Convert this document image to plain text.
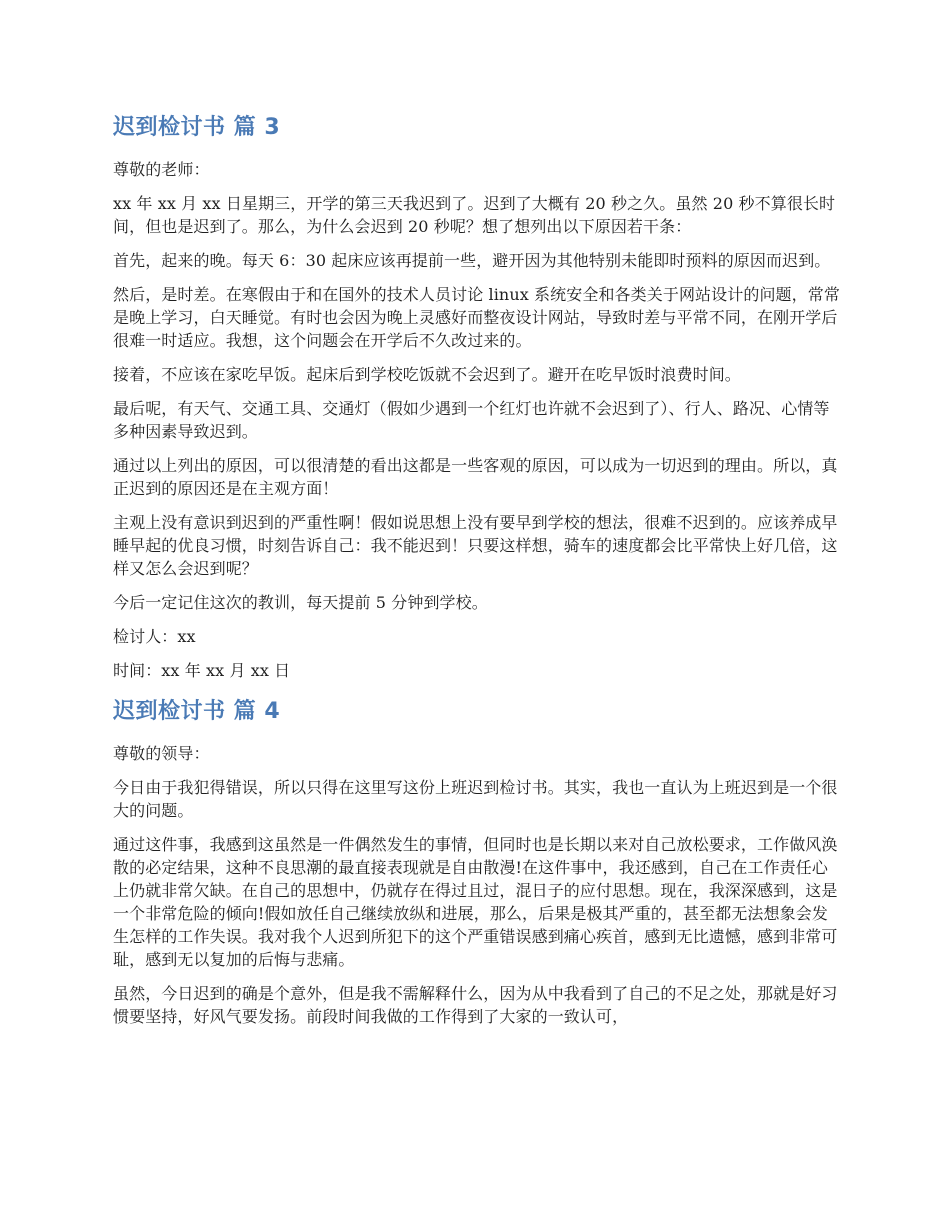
迟到检讨书 篇 3

尊敬的老师：

xx 年 xx 月 xx 日星期三，开学的第三天我迟到了。迟到了大概有 20 秒之久。虽然 20 秒不算很长时间，但也是迟到了。那么，为什么会迟到 20 秒呢？想了想列出以下原因若干条：

首先，起来的晚。每天 6：30 起床应该再提前一些，避开因为其他特别未能即时预料的原因而迟到。

然后，是时差。在寒假由于和在国外的技术人员讨论 linux 系统安全和各类关于网站设计的问题，常常是晚上学习，白天睡觉。有时也会因为晚上灵感好而整夜设计网站，导致时差与平常不同，在刚开学后很难一时适应。我想，这个问题会在开学后不久改过来的。

接着，不应该在家吃早饭。起床后到学校吃饭就不会迟到了。避开在吃早饭时浪费时间。

最后呢，有天气、交通工具、交通灯（假如少遇到一个红灯也许就不会迟到了）、行人、路况、心情等多种因素导致迟到。

通过以上列出的原因，可以很清楚的看出这都是一些客观的原因，可以成为一切迟到的理由。所以，真正迟到的原因还是在主观方面！

主观上没有意识到迟到的严重性啊！假如说思想上没有要早到学校的想法，很难不迟到的。应该养成早睡早起的优良习惯，时刻告诉自己：我不能迟到！只要这样想，骑车的速度都会比平常快上好几倍，这样又怎么会迟到呢？

今后一定记住这次的教训，每天提前 5 分钟到学校。

检讨人：xx

时间：xx 年 xx 月 xx 日

迟到检讨书 篇 4

尊敬的领导：

今日由于我犯得错误，所以只得在这里写这份上班迟到检讨书。其实，我也一直认为上班迟到是一个很大的问题。

通过这件事，我感到这虽然是一件偶然发生的事情，但同时也是长期以来对自己放松要求，工作做风涣散的必定结果，这种不良思潮的最直接表现就是自由散漫!在这件事中，我还感到，自己在工作责任心上仍就非常欠缺。在自己的思想中，仍就存在得过且过，混日子的应付思想。现在，我深深感到，这是一个非常危险的倾向!假如放任自己继续放纵和进展，那么，后果是极其严重的，甚至都无法想象会发生怎样的工作失误。我对我个人迟到所犯下的这个严重错误感到痛心疾首，感到无比遗憾，感到非常可耻，感到无以复加的后悔与悲痛。

虽然，今日迟到的确是个意外，但是我不需解释什么，因为从中我看到了自己的不足之处，那就是好习惯要坚持，好风气要发扬。前段时间我做的工作得到了大家的一致认可，
